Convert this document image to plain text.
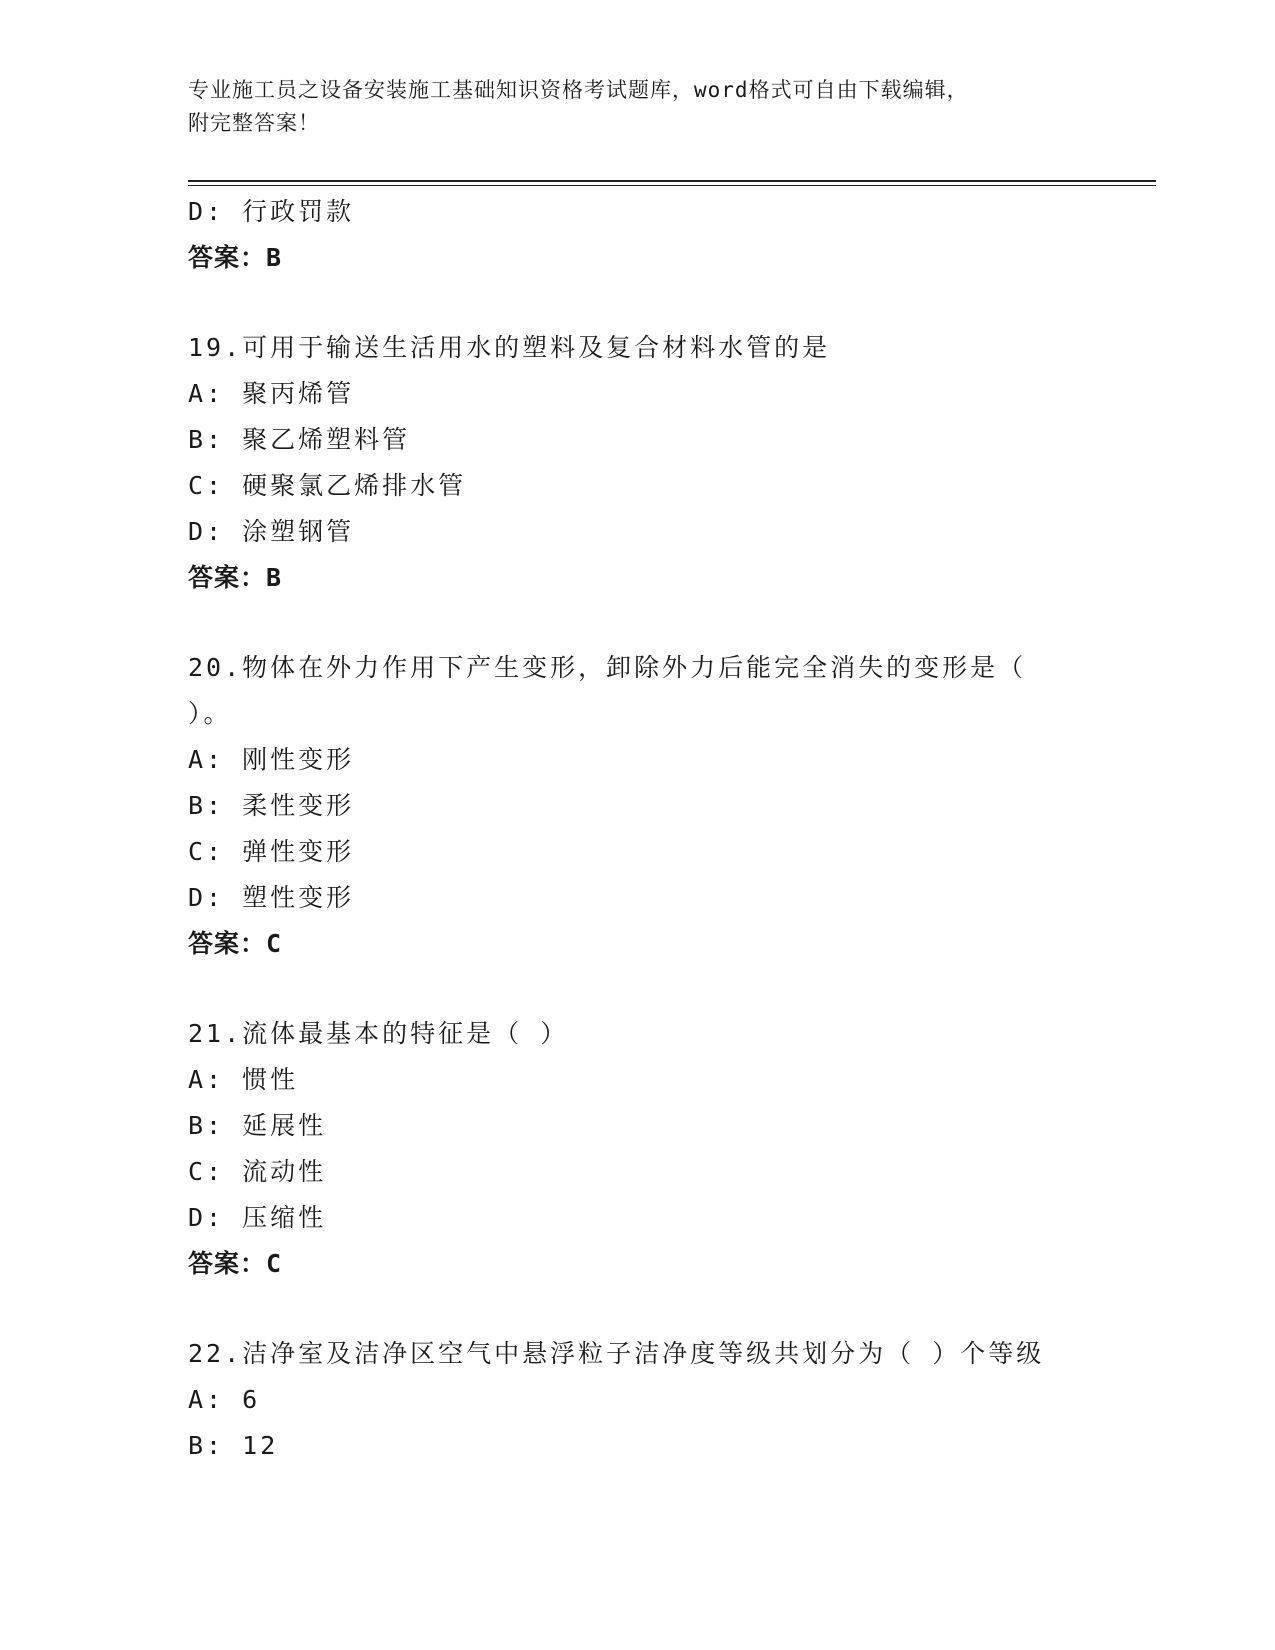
专业施工员之设备安装施工基础知识资格考试题库，word格式可自由下载编辑，
附完整答案！
D: 行政罚款
答案：B
19.可用于输送生活用水的塑料及复合材料水管的是
A: 聚丙烯管
B: 聚乙烯塑料管
C: 硬聚氯乙烯排水管
D: 涂塑钢管
答案：B
20.物体在外力作用下产生变形，卸除外力后能完全消失的变形是（
）。
A: 刚性变形
B: 柔性变形
C: 弹性变形
D: 塑性变形
答案：C
21.流体最基本的特征是（ ）
A: 惯性
B: 延展性
C: 流动性
D: 压缩性
答案：C
22.洁净室及洁净区空气中悬浮粒子洁净度等级共划分为（ ）个等级
A: 6
B: 12
